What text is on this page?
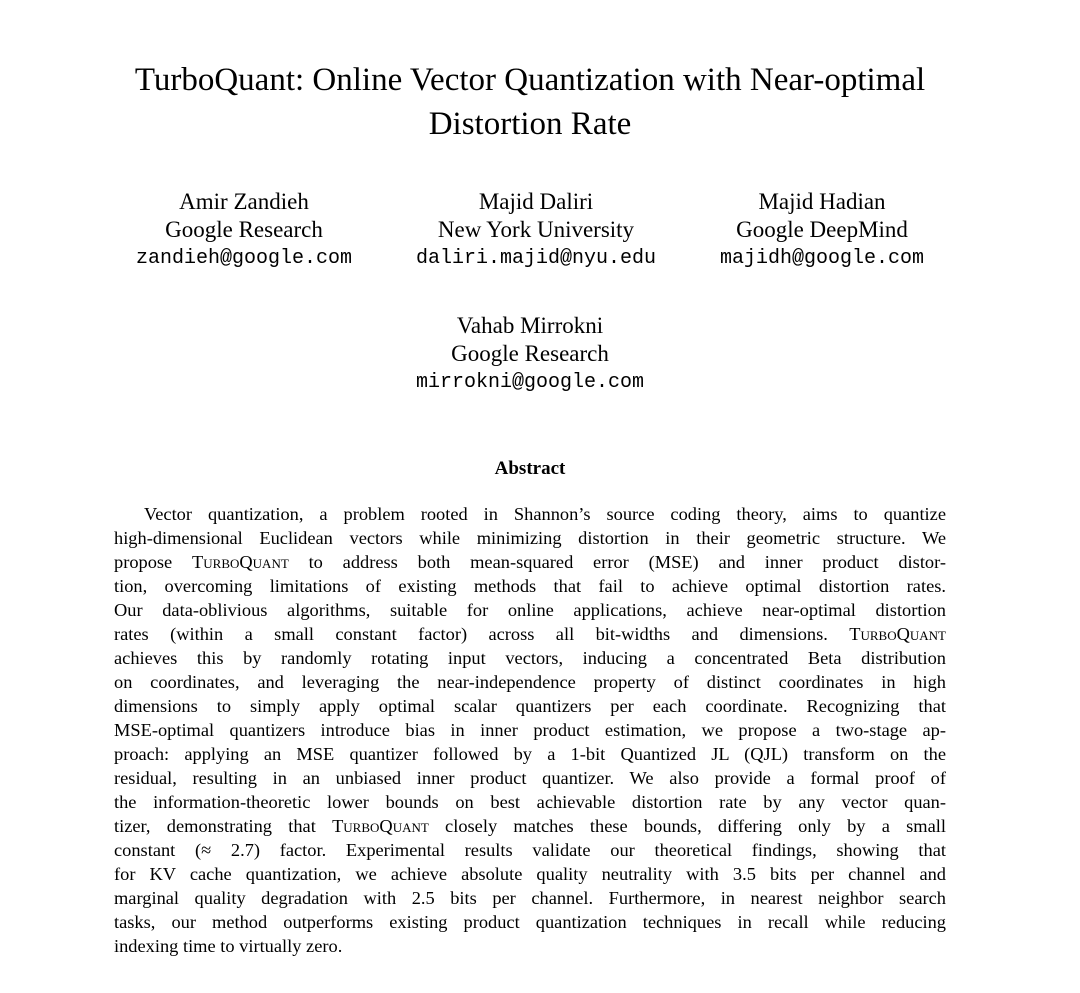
TurboQuant: Online Vector Quantization with Near-optimal Distortion Rate
Amir Zandieh
Google Research
zandieh@google.com
Majid Daliri
New York University
daliri.majid@nyu.edu
Majid Hadian
Google DeepMind
majidh@google.com
Vahab Mirrokni
Google Research
mirrokni@google.com
Abstract
Vector quantization, a problem rooted in Shannon’s source coding theory, aims to quantize
high-dimensional Euclidean vectors while minimizing distortion in their geometric structure. We
propose TurboQuant to address both mean-squared error (MSE) and inner product distor-
tion, overcoming limitations of existing methods that fail to achieve optimal distortion rates.
Our data-oblivious algorithms, suitable for online applications, achieve near-optimal distortion
rates (within a small constant factor) across all bit-widths and dimensions. TurboQuant
achieves this by randomly rotating input vectors, inducing a concentrated Beta distribution
on coordinates, and leveraging the near-independence property of distinct coordinates in high
dimensions to simply apply optimal scalar quantizers per each coordinate. Recognizing that
MSE-optimal quantizers introduce bias in inner product estimation, we propose a two-stage ap-
proach: applying an MSE quantizer followed by a 1-bit Quantized JL (QJL) transform on the
residual, resulting in an unbiased inner product quantizer. We also provide a formal proof of
the information-theoretic lower bounds on best achievable distortion rate by any vector quan-
tizer, demonstrating that TurboQuant closely matches these bounds, differing only by a small
constant (≈ 2.7) factor. Experimental results validate our theoretical findings, showing that
for KV cache quantization, we achieve absolute quality neutrality with 3.5 bits per channel and
marginal quality degradation with 2.5 bits per channel. Furthermore, in nearest neighbor search
tasks, our method outperforms existing product quantization techniques in recall while reducing
indexing time to virtually zero.
